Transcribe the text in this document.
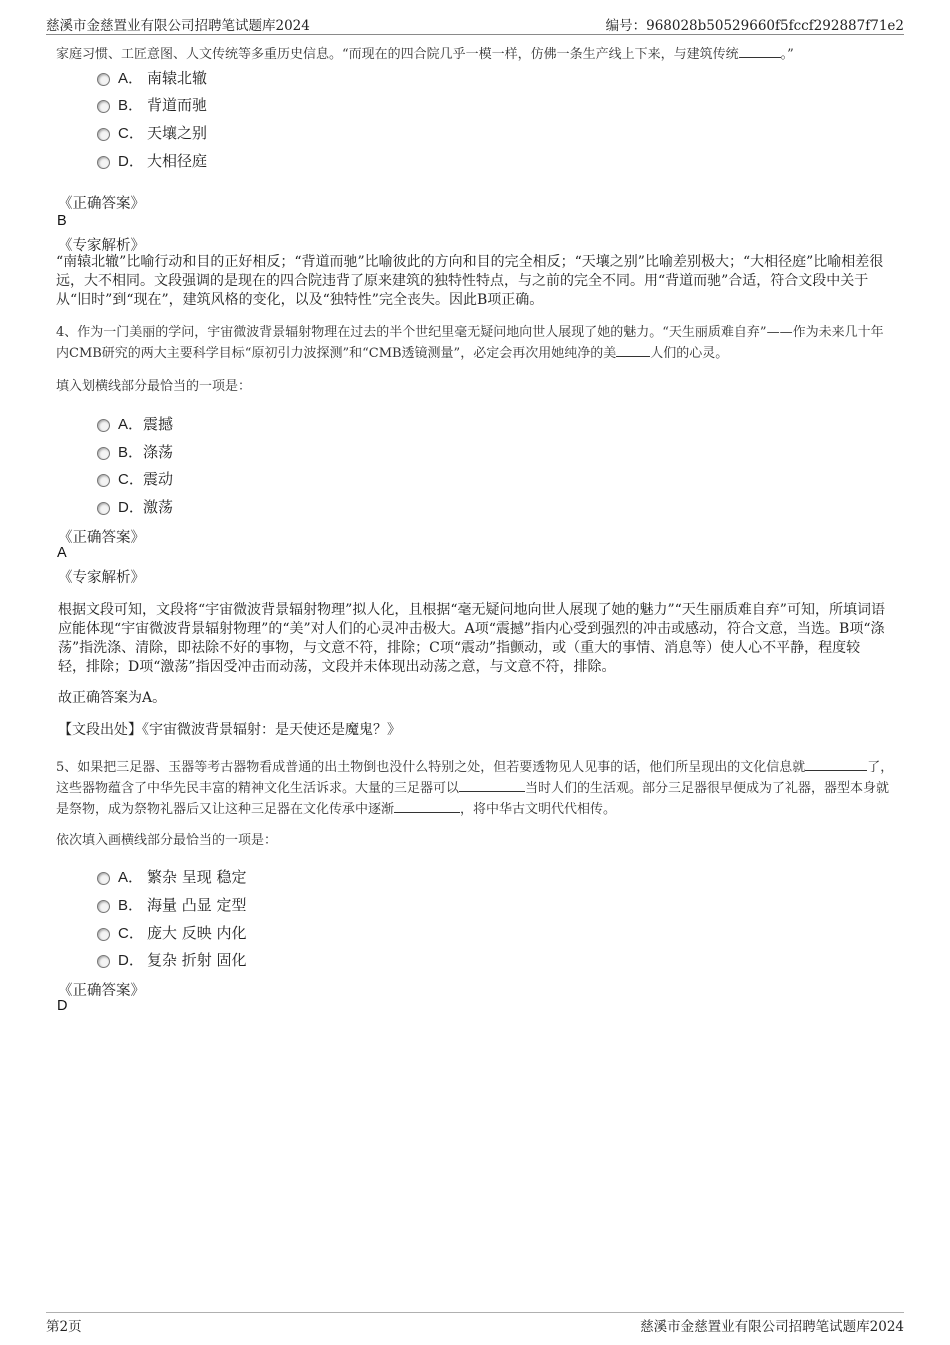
慈溪市金慈置业有限公司招聘笔试题库2024	编号：968028b50529660f5fccf292887f71e2
家庭习惯、工匠意图、人文传统等多重历史信息。“而现在的四合院几乎一模一样，仿佛一条生产线上下来，与建筑传统	。”
A． 南辕北辙
B． 背道而驰
C． 天壤之别
D． 大相径庭
《正确答案》
B
《专家解析》
“南辕北辙”比喻行动和目的正好相反；“背道而驰”比喻彼此的方向和目的完全相反；“天壤之别”比喻差别极大；“大相径庭”比喻相差很远，大不相同。文段强调的是现在的四合院违背了原来建筑的独特性特点，与之前的完全不同。用“背道而驰”合适，符合文段中关于从“旧时”到“现在”，建筑风格的变化，以及“独特性”完全丧失。因此B项正确。
4、作为一门美丽的学问，宇宙微波背景辐射物理在过去的半个世纪里毫无疑问地向世人展现了她的魅力。“天生丽质难自弃”——作为未来几十年内CMB研究的两大主要科学目标“原初引力波探测”和“CMB透镜测量”，必定会再次用她纯净的美	人们的心灵。
填入划横线部分最恰当的一项是：
A． 震撼
B． 涤荡
C． 震动
D． 激荡
《正确答案》
A
《专家解析》
根据文段可知，文段将“宇宙微波背景辐射物理”拟人化，且根据“毫无疑问地向世人展现了她的魅力”“天生丽质难自弃”可知，所填词语应能体现“宇宙微波背景辐射物理”的“美”对人们的心灵冲击极大。A项“震撼”指内心受到强烈的冲击或感动，符合文意，当选。B项“涤荡”指洗涤、清除，即祛除不好的事物，与文意不符，排除；C项“震动”指颤动，或（重大的事情、消息等）使人心不平静，程度较轻，排除；D项“激荡”指因受冲击而动荡，文段并未体现出动荡之意，与文意不符，排除。
故正确答案为A。
【文段出处】《宇宙微波背景辐射：是天使还是魔鬼？》
5、如果把三足器、玉器等考古器物看成普通的出土物倒也没什么特别之处，但若要透物见人见事的话，他们所呈现出的文化信息就	了，这些器物蕴含了中华先民丰富的精神文化生活诉求。大量的三足器可以	当时人们的生活观。部分三足器很早便成为了礼器，器型本身就是祭物，成为祭物礼器后又让这种三足器在文化传承中逐渐	，将中华古文明代代相传。
依次填入画横线部分最恰当的一项是：
A． 繁杂 呈现 稳定
B． 海量 凸显 定型
C． 庞大 反映 内化
D． 复杂 折射 固化
《正确答案》
D
第2页	慈溪市金慈置业有限公司招聘笔试题库2024
